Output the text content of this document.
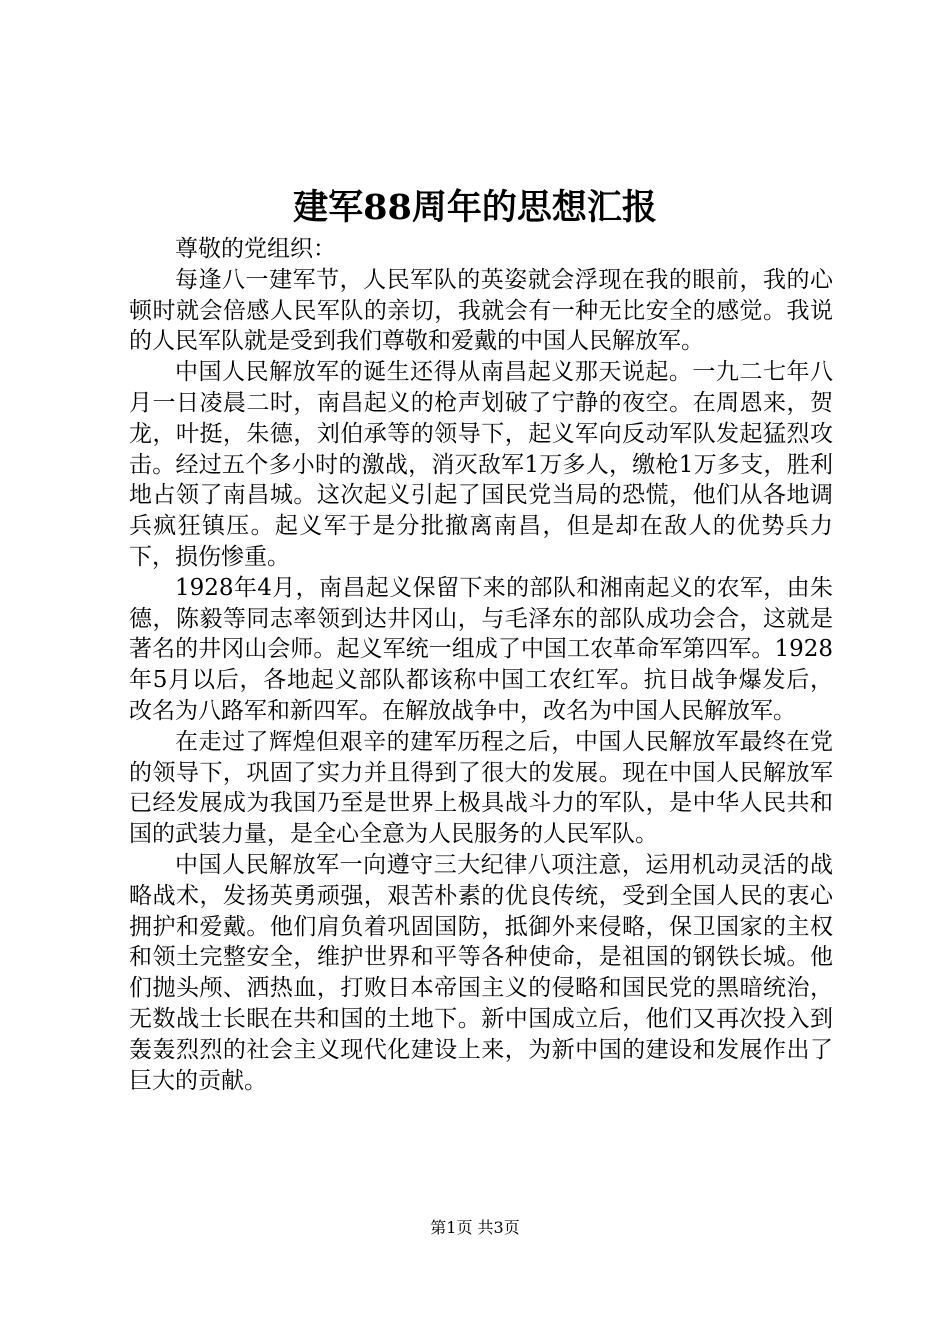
建军88周年的思想汇报

尊敬的党组织：

每逢八一建军节，人民军队的英姿就会浮现在我的眼前，我的心顿时就会倍感人民军队的亲切，我就会有一种无比安全的感觉。我说的人民军队就是受到我们尊敬和爱戴的中国人民解放军。

中国人民解放军的诞生还得从南昌起义那天说起。一九二七年八月一日凌晨二时，南昌起义的枪声划破了宁静的夜空。在周恩来，贺龙，叶挺，朱德，刘伯承等的领导下，起义军向反动军队发起猛烈攻击。经过五个多小时的激战，消灭敌军1万多人，缴枪1万多支，胜利地占领了南昌城。这次起义引起了国民党当局的恐慌，他们从各地调兵疯狂镇压。起义军于是分批撤离南昌，但是却在敌人的优势兵力下，损伤惨重。

1928年4月，南昌起义保留下来的部队和湘南起义的农军，由朱德，陈毅等同志率领到达井冈山，与毛泽东的部队成功会合，这就是著名的井冈山会师。起义军统一组成了中国工农革命军第四军。1928年5月以后，各地起义部队都该称中国工农红军。抗日战争爆发后，改名为八路军和新四军。在解放战争中，改名为中国人民解放军。

在走过了辉煌但艰辛的建军历程之后，中国人民解放军最终在党的领导下，巩固了实力并且得到了很大的发展。现在中国人民解放军已经发展成为我国乃至是世界上极具战斗力的军队，是中华人民共和国的武装力量，是全心全意为人民服务的人民军队。

中国人民解放军一向遵守三大纪律八项注意，运用机动灵活的战略战术，发扬英勇顽强，艰苦朴素的优良传统，受到全国人民的衷心拥护和爱戴。他们肩负着巩固国防，抵御外来侵略，保卫国家的主权和领土完整安全，维护世界和平等各种使命，是祖国的钢铁长城。他们抛头颅、洒热血，打败日本帝国主义的侵略和国民党的黑暗统治，无数战士长眠在共和国的土地下。新中国成立后，他们又再次投入到轰轰烈烈的社会主义现代化建设上来，为新中国的建设和发展作出了巨大的贡献。

第1页 共3页
